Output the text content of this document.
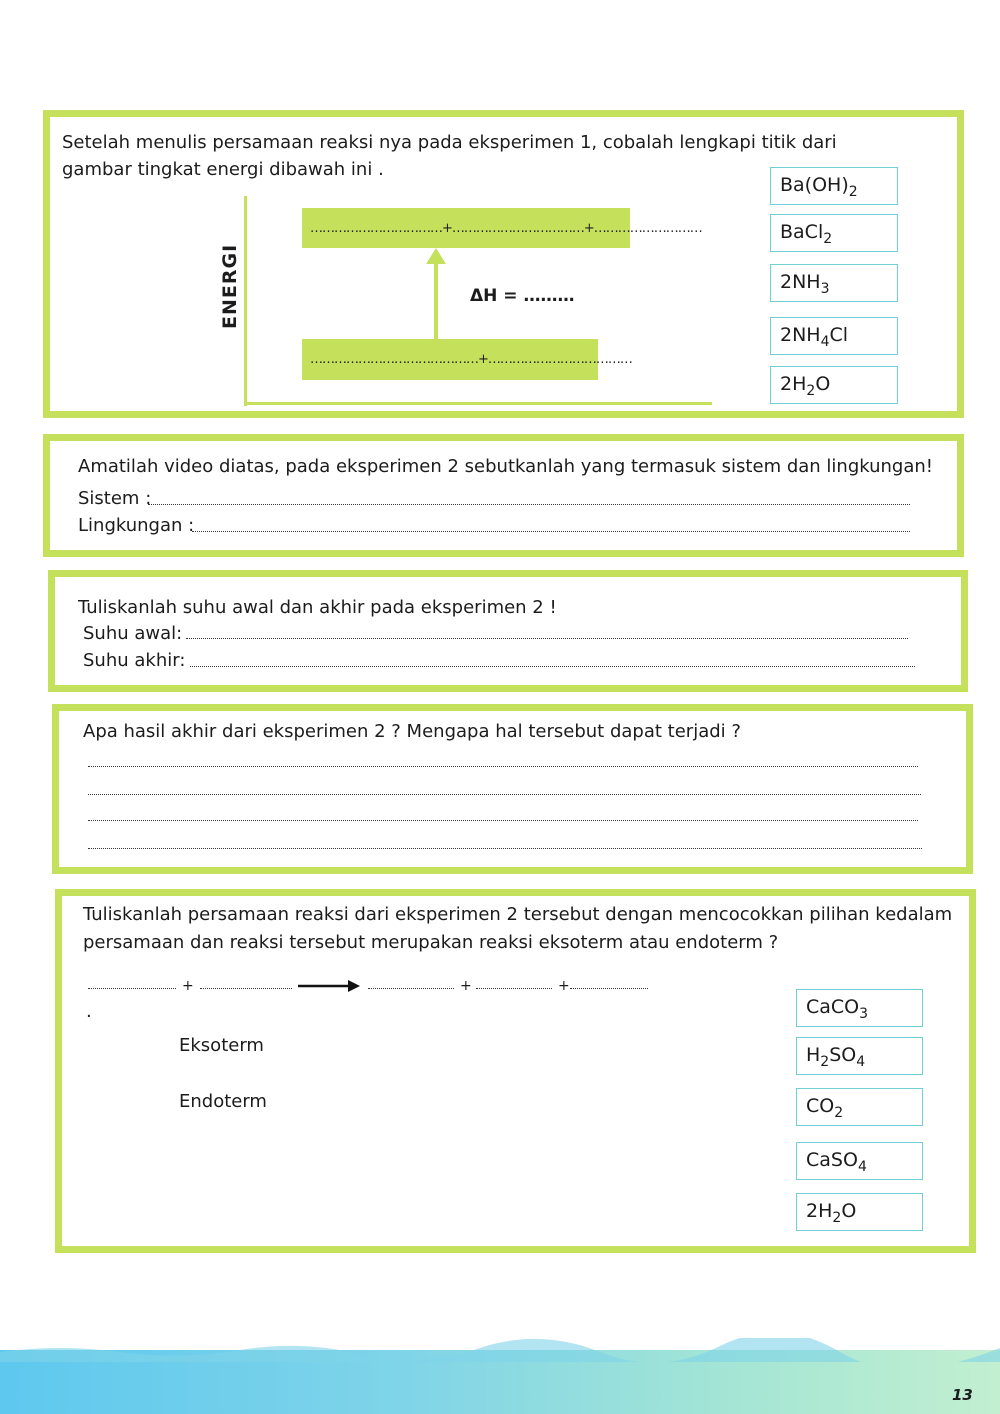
Setelah menulis persamaan reaksi nya pada eksperimen 1, cobalah lengkapi titik dari gambar tingkat energi dibawah ini .
ENERGI
……………………………+……………………………+………………………
……………………………………+………………………………
ΔH = ………
$Ba(OH)_2$
BaCl$_2$
$2NH_3$
$2NH_4Cl$
$2H_2O$
Amatilah video diatas, pada eksperimen 2 sebutkanlah yang termasuk sistem dan lingkungan!
Sistem :
Lingkungan :
Tuliskanlah suhu awal dan akhir pada eksperimen 2 !
Suhu awal:
Suhu akhir:
Apa hasil akhir dari eksperimen 2 ? Mengapa hal tersebut dapat terjadi ?
Tuliskanlah persamaan reaksi dari eksperimen 2 tersebut dengan mencocokkan pilihan kedalam persamaan dan reaksi tersebut merupakan reaksi eksoterm atau endoterm ?
+	+	+
.
Eksoterm
Endoterm
CaCO$_3$
$H_2SO_4$
$CO_2$
CaSO$_4$
$2H_2O$
13
